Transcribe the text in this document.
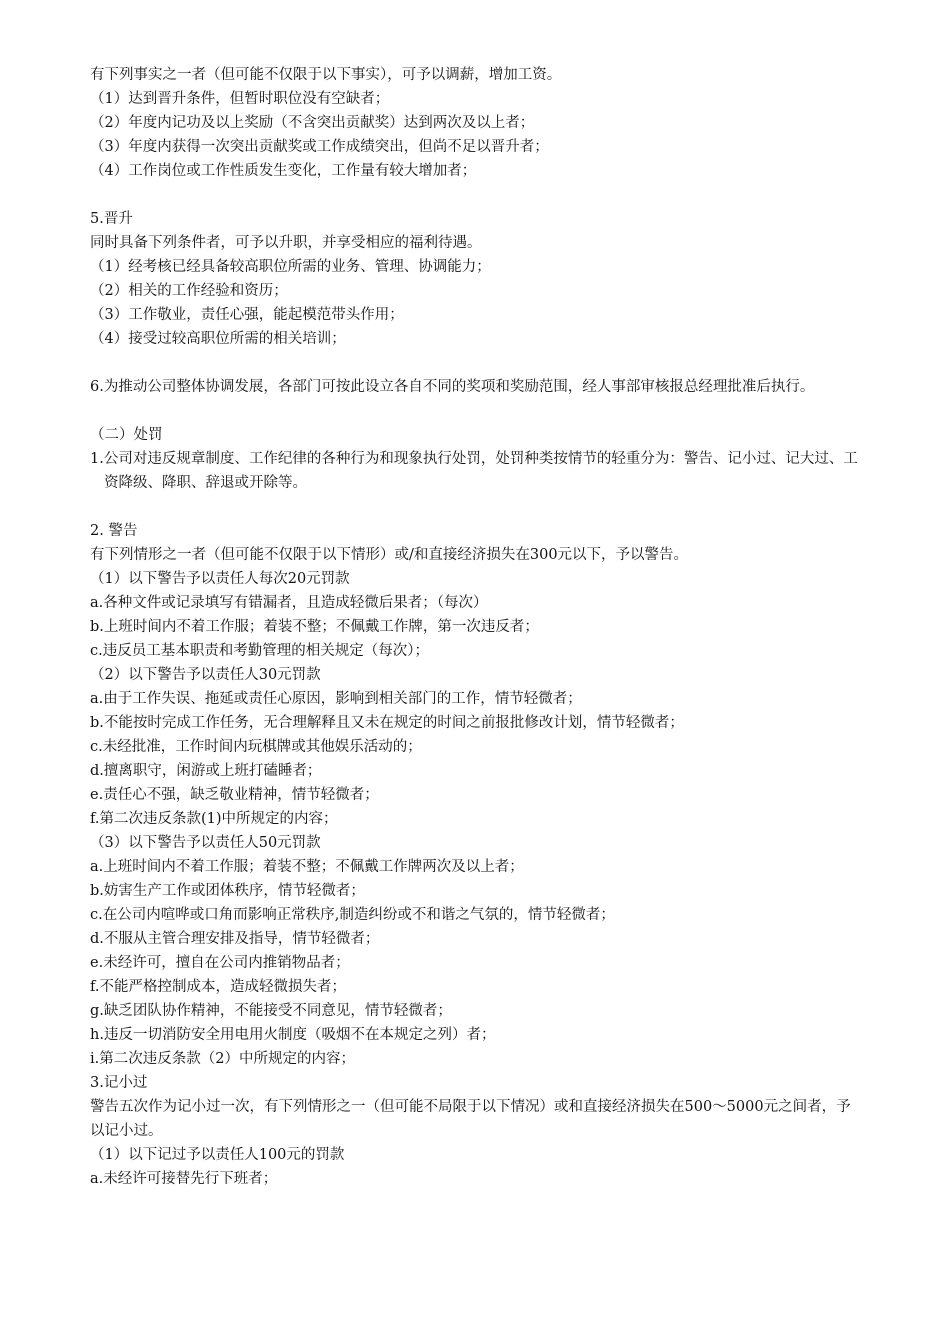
有下列事实之一者（但可能不仅限于以下事实），可予以调薪，增加工资。
（1）达到晋升条件，但暂时职位没有空缺者；
（2）年度内记功及以上奖励（不含突出贡献奖）达到两次及以上者；
（3）年度内获得一次突出贡献奖或工作成绩突出，但尚不足以晋升者；
（4）工作岗位或工作性质发生变化，工作量有较大增加者；
5.晋升
同时具备下列条件者，可予以升职，并享受相应的福利待遇。
（1）经考核已经具备较高职位所需的业务、管理、协调能力；
（2）相关的工作经验和资历；
（3）工作敬业，责任心强，能起模范带头作用；
（4）接受过较高职位所需的相关培训；
6.为推动公司整体协调发展，各部门可按此设立各自不同的奖项和奖励范围，经人事部审核报总经理批准后执行。
（二）处罚
1.公司对违反规章制度、工作纪律的各种行为和现象执行处罚，处罚种类按情节的轻重分为：警告、记小过、记大过、工资降级、降职、辞退或开除等。
2. 警告
有下列情形之一者（但可能不仅限于以下情形）或/和直接经济损失在300元以下，予以警告。
（1）以下警告予以责任人每次20元罚款
a.各种文件或记录填写有错漏者，且造成轻微后果者；（每次）
b.上班时间内不着工作服；着装不整；不佩戴工作牌，第一次违反者；
c.违反员工基本职责和考勤管理的相关规定（每次）；
（2）以下警告予以责任人30元罚款
a.由于工作失误、拖延或责任心原因，影响到相关部门的工作，情节轻微者；
b.不能按时完成工作任务，无合理解释且又未在规定的时间之前报批修改计划，情节轻微者；
c.未经批准，工作时间内玩棋牌或其他娱乐活动的；
d.擅离职守，闲游或上班打磕睡者；
e.责任心不强，缺乏敬业精神，情节轻微者；
f.第二次违反条款(1)中所规定的内容；
（3）以下警告予以责任人50元罚款
a.上班时间内不着工作服；着装不整；不佩戴工作牌两次及以上者；
b.妨害生产工作或团体秩序，情节轻微者；
c.在公司内喧哗或口角而影响正常秩序,制造纠纷或不和谐之气氛的，情节轻微者；
d.不服从主管合理安排及指导，情节轻微者；
e.未经许可，擅自在公司内推销物品者；
f.不能严格控制成本，造成轻微损失者；
g.缺乏团队协作精神，不能接受不同意见，情节轻微者；
h.违反一切消防安全用电用火制度（吸烟不在本规定之列）者；
i.第二次违反条款（2）中所规定的内容；
3.记小过
警告五次作为记小过一次，有下列情形之一（但可能不局限于以下情况）或和直接经济损失在500～5000元之间者，予以记小过。
（1）以下记过予以责任人100元的罚款
a.未经许可接替先行下班者；
